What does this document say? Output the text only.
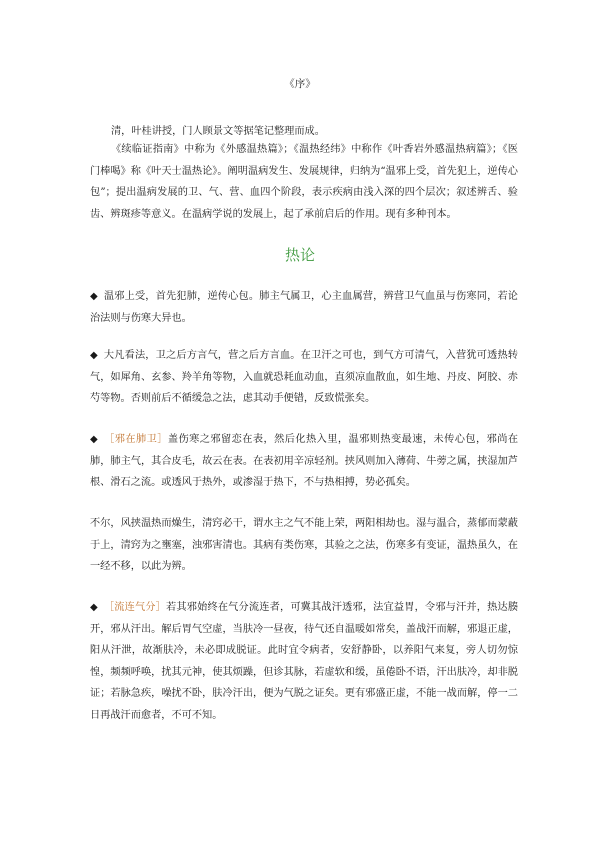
《序》

清，叶桂讲授，门人顾景文等据笔记整理而成。

《续临证指南》中称为《外感温热篇》；《温热经纬》中称作《叶香岩外感温热病篇》；《医门棒喝》称《叶天士温热论》。阐明温病发生、发展规律，归纳为“温邪上受，首先犯上，逆传心包”；提出温病发展的卫、气、营、血四个阶段，表示疾病由浅入深的四个层次；叙述辨舌、验齿、辨斑疹等意义。在温病学说的发展上，起了承前启后的作用。现有多种刊本。

热论

◆ 温邪上受，首先犯肺，逆传心包。肺主气属卫，心主血属营，辨营卫气血虽与伤寒同，若论治法则与伤寒大异也。

◆ 大凡看法，卫之后方言气，营之后方言血。在卫汗之可也，到气方可清气，入营犹可透热转气，如犀角、玄参、羚羊角等物，入血就恐耗血动血，直须凉血散血，如生地、丹皮、阿胶、赤芍等物。否则前后不循缓急之法，虑其动手便错，反致慌张矣。

◆ ［邪在肺卫］盖伤寒之邪留恋在表，然后化热入里，温邪则热变最速，未传心包，邪尚在肺，肺主气，其合皮毛，故云在表。在表初用辛凉轻剂。挟风则加入薄荷、牛蒡之属，挟湿加芦根、滑石之流。或透风于热外，或渗湿于热下，不与热相搏，势必孤矣。

不尔，风挟温热而燥生，清窍必干，谓水主之气不能上荣，两阳相劫也。湿与温合，蒸郁而蒙蔽于上，清窍为之壅塞，浊邪害清也。其病有类伤寒，其验之之法，伤寒多有变证，温热虽久，在一经不移，以此为辨。

◆ ［流连气分］若其邪始终在气分流连者，可冀其战汗透邪，法宜益胃，令邪与汗并，热达腠开，邪从汗出。解后胃气空虚，当肤冷一昼夜，待气还自温暖如常矣，盖战汗而解，邪退正虚，阳从汗泄，故渐肤冷，未必即成脱证。此时宜令病者，安舒静卧，以养阳气来复，旁人切勿惊惶，频频呼唤，扰其元神，使其烦躁，但诊其脉，若虚软和缓，虽倦卧不语，汗出肤冷，却非脱证；若脉急疾，噪扰不卧，肤冷汗出，便为气脱之证矣。更有邪盛正虚，不能一战而解，停一二日再战汗而愈者，不可不知。
